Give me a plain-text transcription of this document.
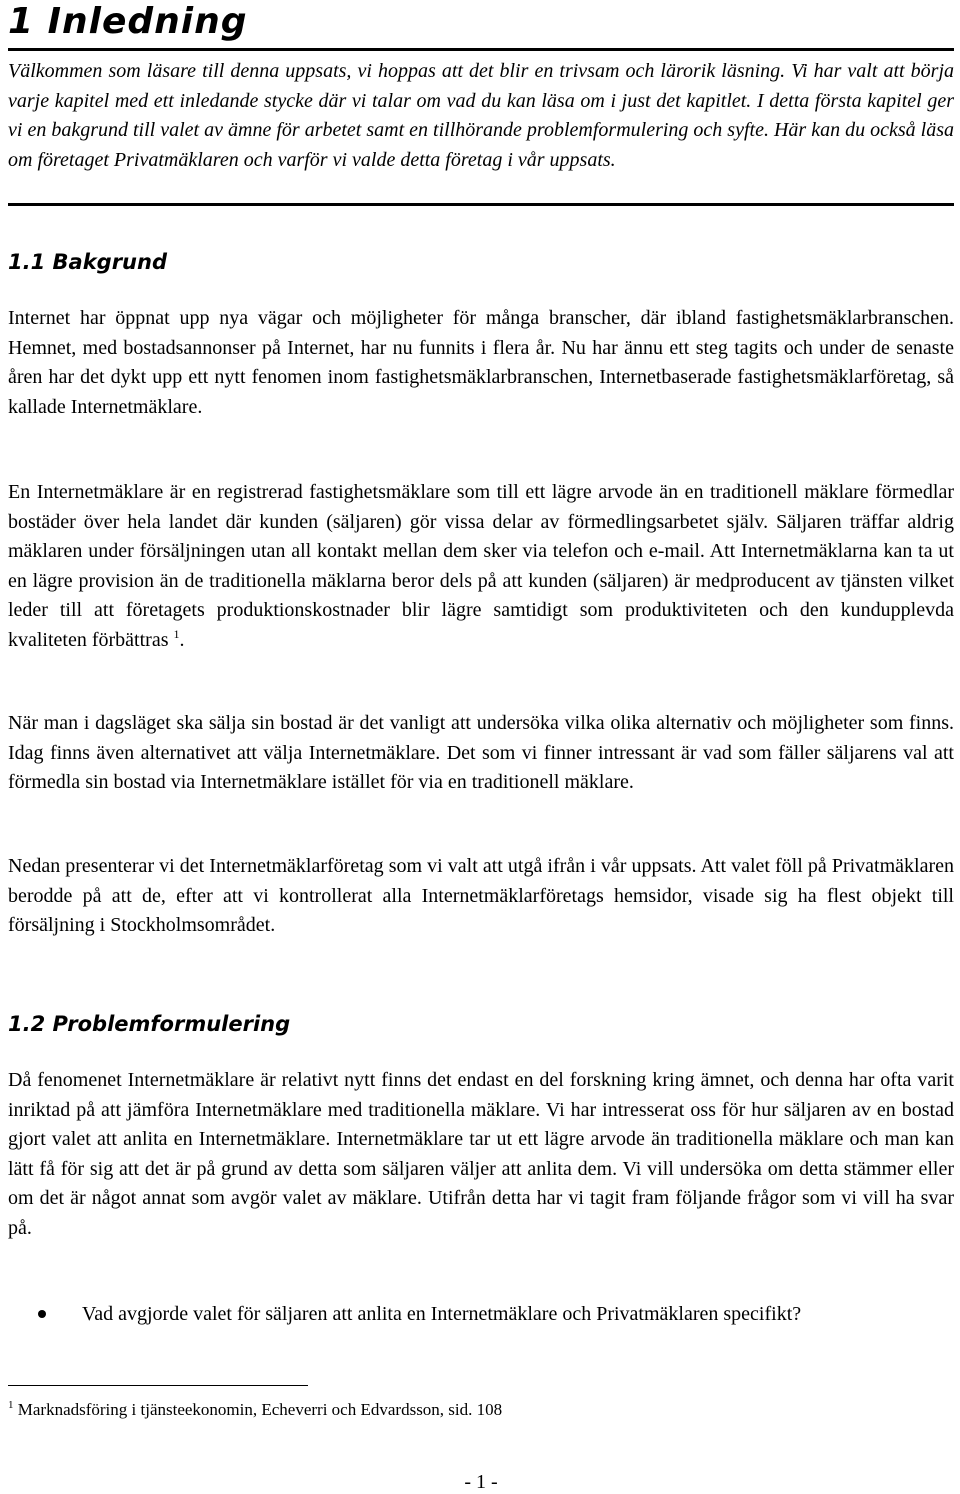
1 Inledning

Välkommen som läsare till denna uppsats, vi hoppas att det blir en trivsam och lärorik läsning. Vi har valt att börja varje kapitel med ett inledande stycke där vi talar om vad du kan läsa om i just det kapitlet. I detta första kapitel ger vi en bakgrund till valet av ämne för arbetet samt en tillhörande problemformulering och syfte. Här kan du också läsa om företaget Privatmäklaren och varför vi valde detta företag i vår uppsats.

1.1 Bakgrund

Internet har öppnat upp nya vägar och möjligheter för många branscher, där ibland fastighetsmäklarbranschen. Hemnet, med bostadsannonser på Internet, har nu funnits i flera år. Nu har ännu ett steg tagits och under de senaste åren har det dykt upp ett nytt fenomen inom fastighetsmäklarbranschen, Internetbaserade fastighetsmäklarföretag, så kallade Internetmäklare.

En Internetmäklare är en registrerad fastighetsmäklare som till ett lägre arvode än en traditionell mäklare förmedlar bostäder över hela landet där kunden (säljaren) gör vissa delar av förmedlingsarbetet själv. Säljaren träffar aldrig mäklaren under försäljningen utan all kontakt mellan dem sker via telefon och e-mail. Att Internetmäklarna kan ta ut en lägre provision än de traditionella mäklarna beror dels på att kunden (säljaren) är medproducent av tjänsten vilket leder till att företagets produktionskostnader blir lägre samtidigt som produktiviteten och den kundupplevda kvaliteten förbättras $^1$.

När man i dagsläget ska sälja sin bostad är det vanligt att undersöka vilka olika alternativ och möjligheter som finns. Idag finns även alternativet att välja Internetmäklare. Det som vi finner intressant är vad som fäller säljarens val att förmedla sin bostad via Internetmäklare istället för via en traditionell mäklare.

Nedan presenterar vi det Internetmäklarföretag som vi valt att utgå ifrån i vår uppsats. Att valet föll på Privatmäklaren berodde på att de, efter att vi kontrollerat alla Internetmäklarföretags hemsidor, visade sig ha flest objekt till försäljning i Stockholmsområdet.

1.2 Problemformulering

Då fenomenet Internetmäklare är relativt nytt finns det endast en del forskning kring ämnet, och denna har ofta varit inriktad på att jämföra Internetmäklare med traditionella mäklare. Vi har intresserat oss för hur säljaren av en bostad gjort valet att anlita en Internetmäklare. Internetmäklare tar ut ett lägre arvode än traditionella mäklare och man kan lätt få för sig att det är på grund av detta som säljaren väljer att anlita dem. Vi vill undersöka om detta stämmer eller om det är något annat som avgör valet av mäklare. Utifrån detta har vi tagit fram följande frågor som vi vill ha svar på.

Vad avgjorde valet för säljaren att anlita en Internetmäklare och Privatmäklaren specifikt?

$^1$ Marknadsföring i tjänsteekonomin, Echeverri och Edvardsson, sid. 108

- 1 -
